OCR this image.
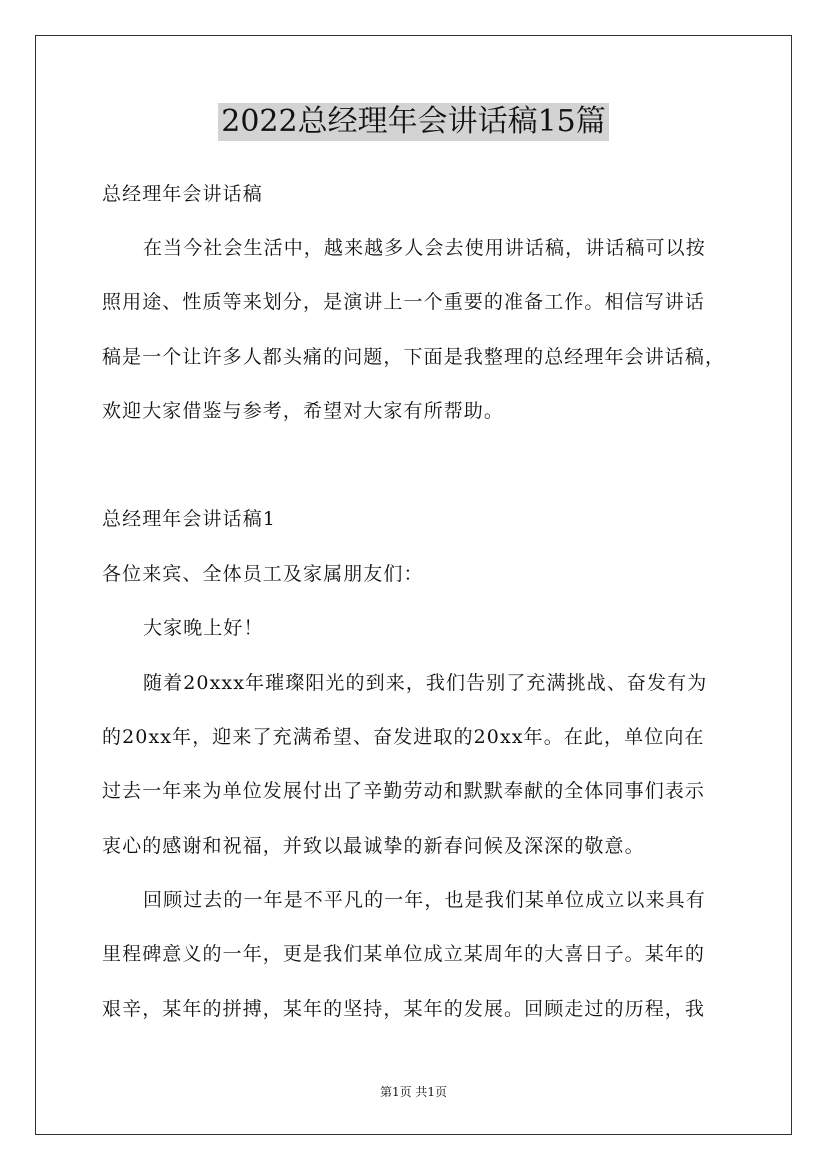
2022总经理年会讲话稿15篇
总经理年会讲话稿
在当今社会生活中，越来越多人会去使用讲话稿，讲话稿可以按
照用途、性质等来划分，是演讲上一个重要的准备工作。相信写讲话
稿是一个让许多人都头痛的问题，下面是我整理的总经理年会讲话稿，
欢迎大家借鉴与参考，希望对大家有所帮助。
总经理年会讲话稿1
各位来宾、全体员工及家属朋友们：
大家晚上好！
随着20xxx年璀璨阳光的到来，我们告别了充满挑战、奋发有为
的20xx年，迎来了充满希望、奋发进取的20xx年。在此，单位向在
过去一年来为单位发展付出了辛勤劳动和默默奉献的全体同事们表示
衷心的感谢和祝福，并致以最诚挚的新春问候及深深的敬意。
回顾过去的一年是不平凡的一年，也是我们某单位成立以来具有
里程碑意义的一年，更是我们某单位成立某周年的大喜日子。某年的
艰辛，某年的拼搏，某年的坚持，某年的发展。回顾走过的历程，我
第1页 共1页
